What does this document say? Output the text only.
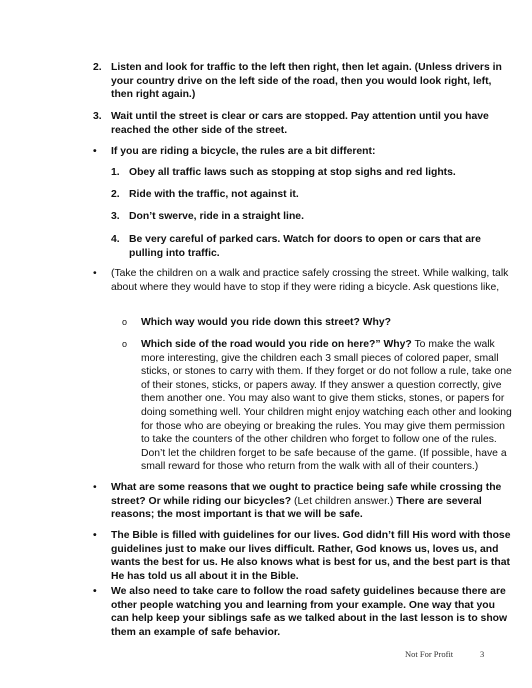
2. Listen and look for traffic to the left then right, then let again. (Unless drivers in your country drive on the left side of the road, then you would look right, left, then right again.)

3. Wait until the street is clear or cars are stopped. Pay attention until you have reached the other side of the street.

• If you are riding a bicycle, the rules are a bit different:

1. Obey all traffic laws such as stopping at stop sighs and red lights.

2. Ride with the traffic, not against it.

3. Don’t swerve, ride in a straight line.

4. Be very careful of parked cars. Watch for doors to open or cars that are pulling into traffic.

• (Take the children on a walk and practice safely crossing the street. While walking, talk about where they would have to stop if they were riding a bicycle. Ask questions like,

o Which way would you ride down this street? Why?

o Which side of the road would you ride on here?” Why? To make the walk more interesting, give the children each 3 small pieces of colored paper, small sticks, or stones to carry with them. If they forget or do not follow a rule, take one of their stones, sticks, or papers away. If they answer a question correctly, give them another one. You may also want to give them sticks, stones, or papers for doing something well. Your children might enjoy watching each other and looking for those who are obeying or breaking the rules. You may give them permission to take the counters of the other children who forget to follow one of the rules. Don’t let the children forget to be safe because of the game. (If possible, have a small reward for those who return from the walk with all of their counters.)

• What are some reasons that we ought to practice being safe while crossing the street? Or while riding our bicycles? (Let children answer.) There are several reasons; the most important is that we will be safe.

• The Bible is filled with guidelines for our lives. God didn’t fill His word with those guidelines just to make our lives difficult. Rather, God knows us, loves us, and wants the best for us. He also knows what is best for us, and the best part is that He has told us all about it in the Bible.

• We also need to take care to follow the road safety guidelines because there are other people watching you and learning from your example. One way that you can help keep your siblings safe as we talked about in the last lesson is to show them an example of safe behavior.

Not For Profit	3
